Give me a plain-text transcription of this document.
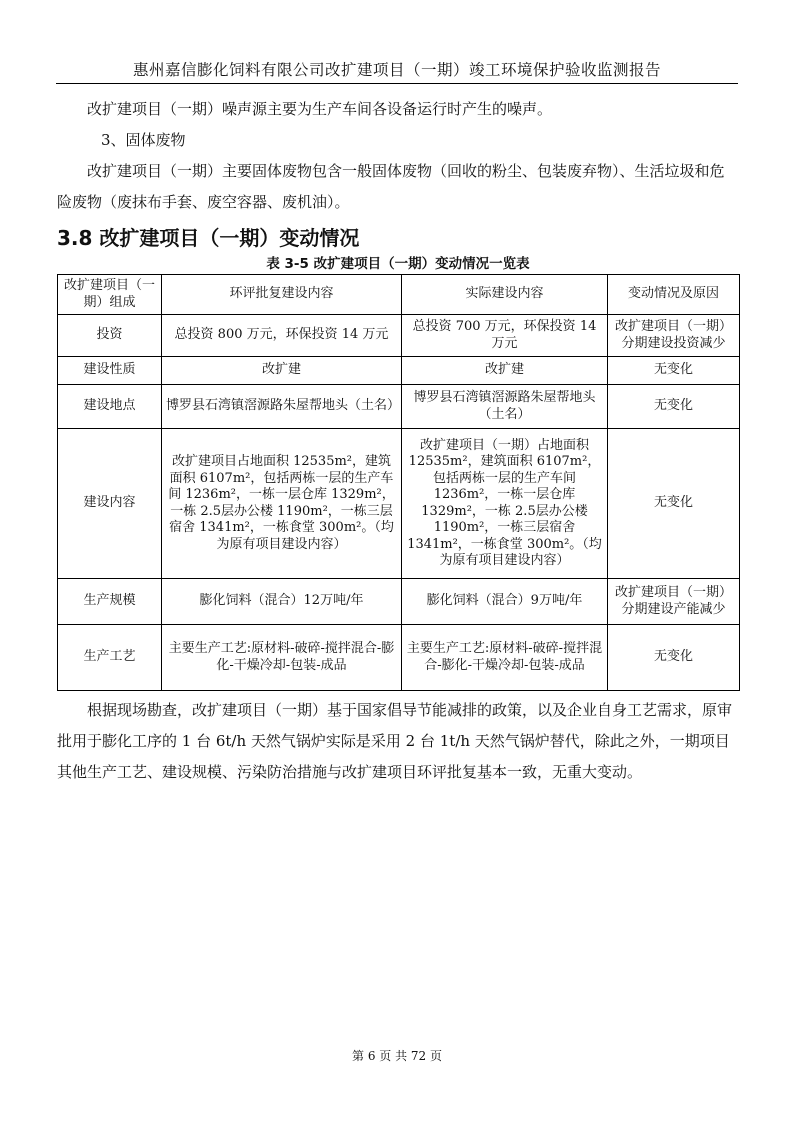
惠州嘉信膨化饲料有限公司改扩建项目（一期）竣工环境保护验收监测报告

改扩建项目（一期）噪声源主要为生产车间各设备运行时产生的噪声。

3、固体废物

改扩建项目（一期）主要固体废物包含一般固体废物（回收的粉尘、包装废弃物）、生活垃圾和危险废物（废抹布手套、废空容器、废机油）。

3.8 改扩建项目（一期）变动情况
表 3-5 改扩建项目（一期）变动情况一览表
改扩建项目（一期）组成	环评批复建设内容	实际建设内容	变动情况及原因
投资	总投资 800 万元，环保投资 14 万元	总投资 700 万元，环保投资 14 万元	改扩建项目（一期）分期建设投资减少
建设性质	改扩建	改扩建	无变化
建设地点	博罗县石湾镇滘源路朱屋帮地头（土名）	博罗县石湾镇滘源路朱屋帮地头（土名）	无变化
建设内容	改扩建项目占地面积 12535m²，建筑面积 6107m²，包括两栋一层的生产车间 1236m²，一栋一层仓库 1329m²，一栋 2.5层办公楼 1190m²，一栋三层宿舍 1341m²，一栋食堂 300m²。（均为原有项目建设内容）	改扩建项目（一期）占地面积 12535m²，建筑面积 6107m²，包括两栋一层的生产车间 1236m²，一栋一层仓库 1329m²，一栋 2.5层办公楼 1190m²，一栋三层宿舍 1341m²，一栋食堂 300m²。（均为原有项目建设内容）	无变化
生产规模	膨化饲料（混合）12万吨/年	膨化饲料（混合）9万吨/年	改扩建项目（一期）分期建设产能减少
生产工艺	主要生产工艺:原材料-破碎-搅拌混合-膨化-干燥冷却-包装-成品	主要生产工艺:原材料-破碎-搅拌混合-膨化-干燥冷却-包装-成品	无变化

根据现场勘查，改扩建项目（一期）基于国家倡导节能减排的政策，以及企业自身工艺需求，原审批用于膨化工序的 1 台 6t/h 天然气锅炉实际是采用 2 台 1t/h 天然气锅炉替代，除此之外，一期项目 其他生产工艺、建设规模、污染防治措施与改扩建项目环评批复基本一致，无重大变动。

第 6 页 共 72 页
